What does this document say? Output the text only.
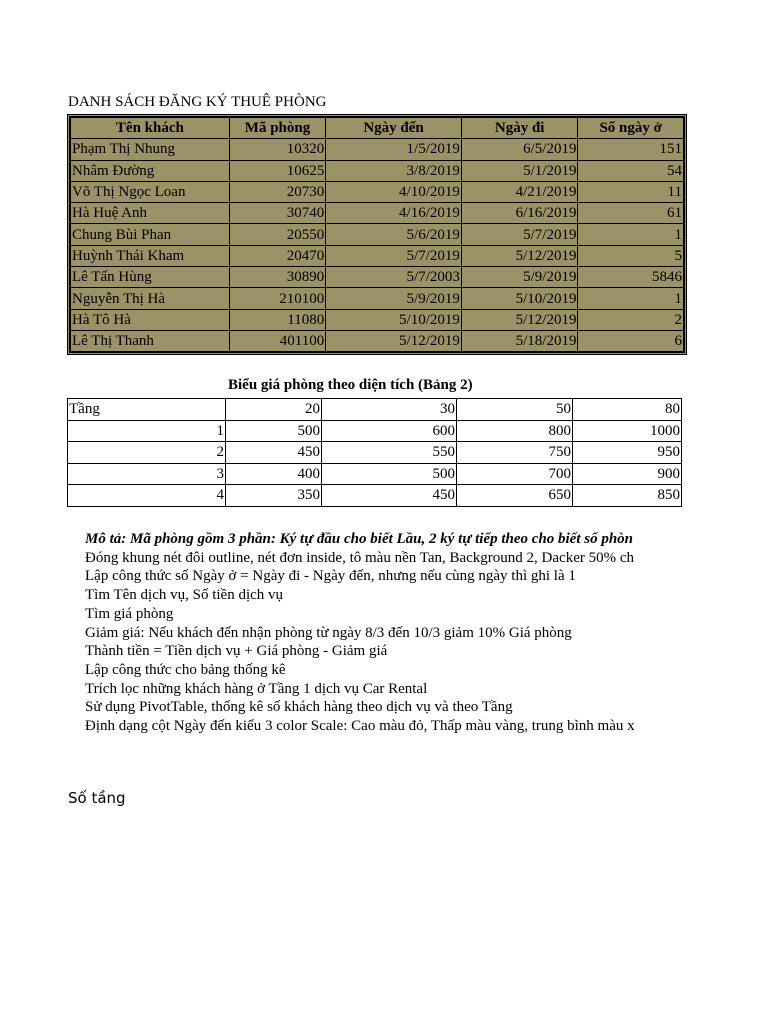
DANH SÁCH ĐĂNG KÝ THUÊ PHÒNG
Tên khách	Mã phòng	Ngày đến	Ngày đi	Số ngày ở
Phạm Thị Nhung	10320	1/5/2019	6/5/2019	151
Nhâm Đường	10625	3/8/2019	5/1/2019	54
Võ Thị Ngọc Loan	20730	4/10/2019	4/21/2019	11
Hà Huệ Anh	30740	4/16/2019	6/16/2019	61
Chung Bùi Phan	20550	5/6/2019	5/7/2019	1
Huỳnh Thái Kham	20470	5/7/2019	5/12/2019	5
Lê Tấn Hùng	30890	5/7/2003	5/9/2019	5846
Nguyễn Thị Hà	210100	5/9/2019	5/10/2019	1
Hà Tô Hà	11080	5/10/2019	5/12/2019	2
Lê Thị Thanh	401100	5/12/2019	5/18/2019	6
Biểu giá phòng theo diện tích (Bảng 2)
Tầng	20	30	50	80
1	500	600	800	1000
2	450	550	750	950
3	400	500	700	900
4	350	450	650	850
Mô tả: Mã phòng gồm 3 phần: Ký tự đầu cho biết Lầu, 2 ký tự tiếp theo cho biết số phòn
Đóng khung nét đôi outline, nét đơn inside, tô màu nền Tan, Background 2, Dacker 50% ch
Lập công thức số Ngày ở = Ngày đi - Ngày đến, nhưng nếu cùng ngày thì ghi là 1
Tìm Tên dịch vụ, Số tiền dịch vụ
Tìm giá phòng
Giảm giá: Nếu khách đến nhận phòng từ ngày 8/3 đến 10/3 giảm 10% Giá phòng
Thành tiền = Tiền dịch vụ + Giá phòng - Giảm giá
Lập công thức cho bảng thống kê
Trích lọc những khách hàng ở Tầng 1 dịch vụ Car Rental
Sử dụng PivotTable, thống kê số khách hàng theo dịch vụ và theo Tầng
Định dạng cột Ngày đến kiểu 3 color Scale: Cao màu đỏ, Thấp màu vàng, trung bình màu x
Số tầng
